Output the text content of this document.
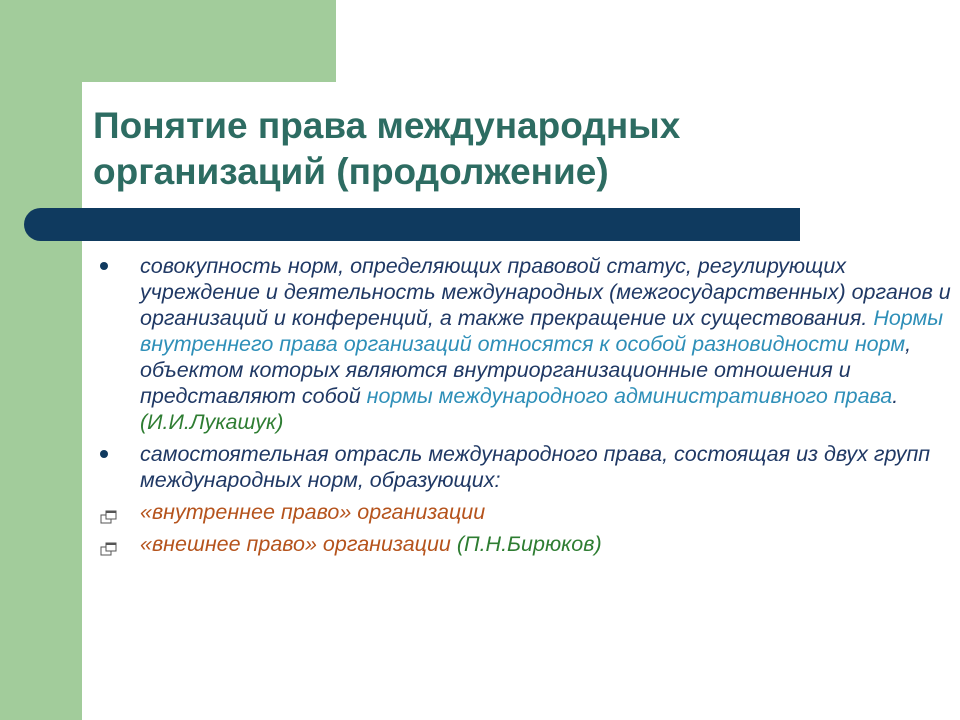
Понятие права международных организаций (продолжение)
совокупность норм, определяющих правовой статус, регулирующих учреждение и деятельность международных (межгосударственных) органов и организаций и конференций, а также прекращение их существования. Нормы внутреннего права организаций относятся к особой разновидности норм, объектом которых являются внутриорганизационные отношения и представляют собой нормы международного административного права. (И.И.Лукашук)
самостоятельная отрасль международного права, состоящая из двух групп международных норм, образующих:
«внутреннее право» организации
«внешнее право» организации (П.Н.Бирюков)
